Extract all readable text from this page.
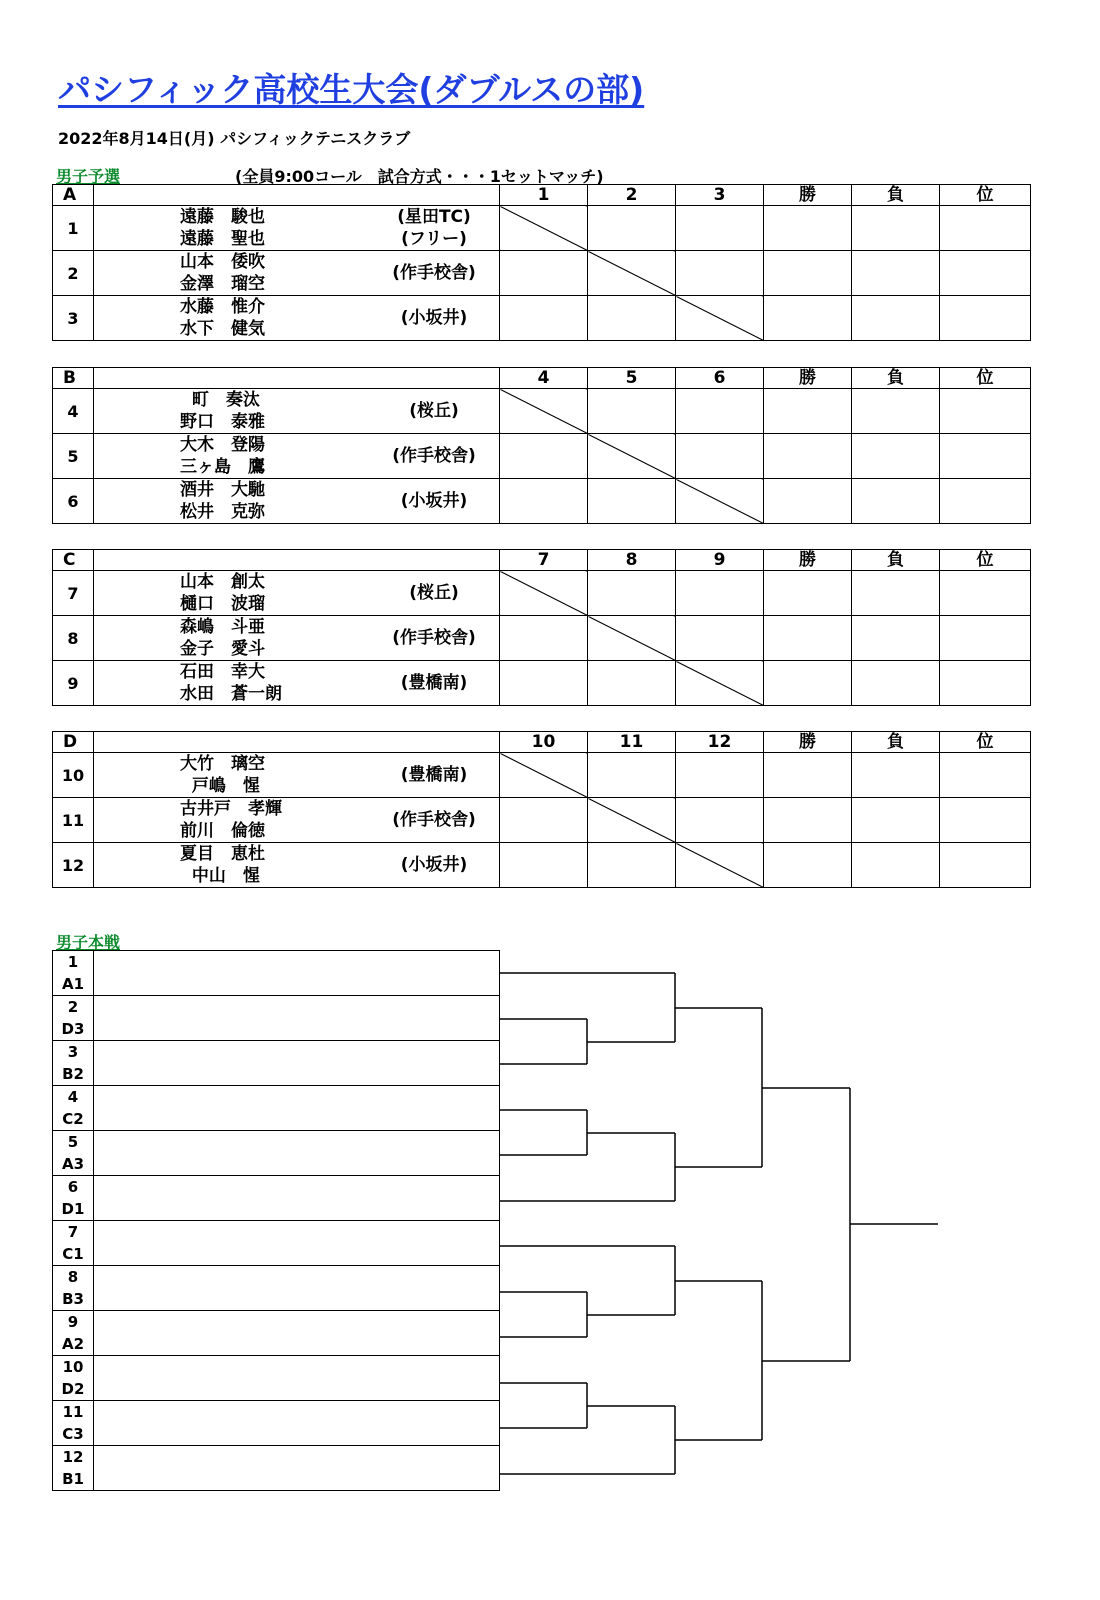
パシフィック高校生大会(ダブルスの部)
2022年8月14日(月) パシフィックテニスクラブ
男子予選	(全員9:00コール　試合方式・・・1セットマッチ)
A		1	2	3	勝	負	位
1	遠藤　駿也
遠藤　聖也
(星田TC)
(フリー)						

2	山本　倭吹
金澤　瑠空
(作手校舎)						

3	水藤　惟介
水下　健気
(小坂井)						

B		4	5	6	勝	負	位
4	町　奏汰
野口　泰雅
(桜丘)						

5	大木　登陽
三ヶ島　鷹
(作手校舎)						

6	酒井　大馳
松井　克弥
(小坂井)						

C		7	8	9	勝	負	位
7	山本　創太
樋口　波瑠
(桜丘)						

8	森嶋　斗亜
金子　愛斗
(作手校舎)						

9	石田　幸大
水田　蒼一朗
(豊橋南)						

D		10	11	12	勝	負	位
10	大竹　璃空
戸嶋　惺
(豊橋南)						

11	古井戸　孝輝
前川　倫徳
(作手校舎)						

12	夏目　恵杜
中山　惺
(小坂井)						

男子本戦
1
A1	

2
D3	

3
B2	

4
C2	

5
A3	

6
D1	

7
C1	

8
B3	

9
A2	

10
D2	

11
C3	

12
B1	
